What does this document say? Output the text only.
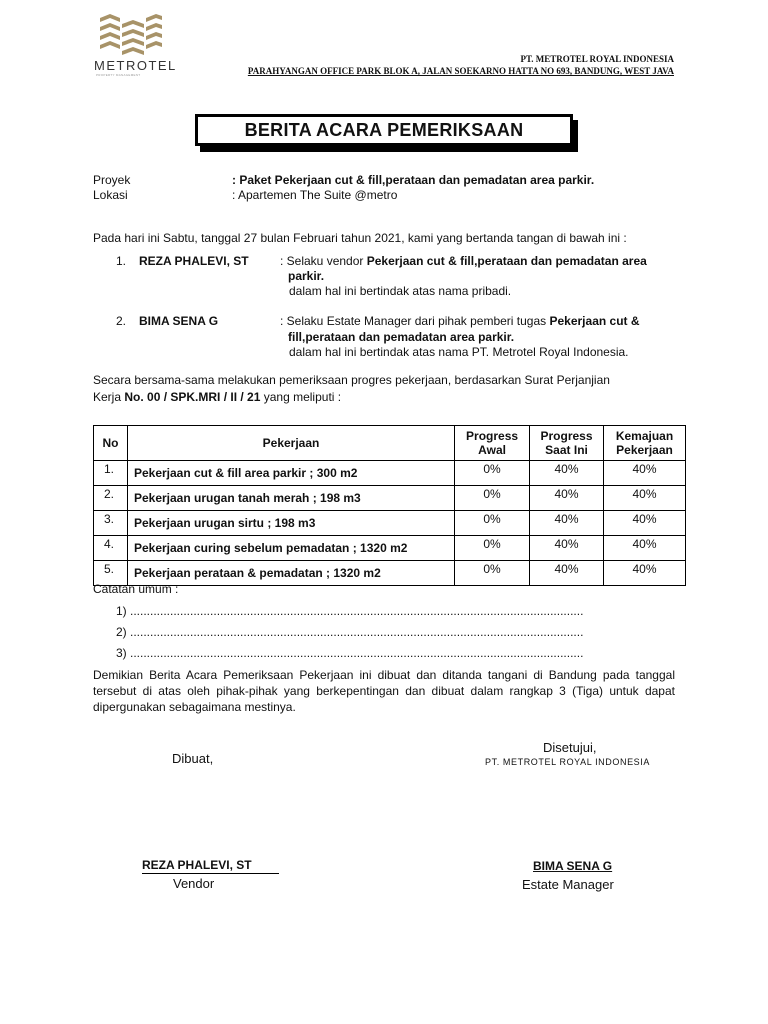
METROTEL
PROPERTY MANAGEMENT
PT. METROTEL ROYAL INDONESIA
PARAHYANGAN OFFICE PARK BLOK A, JALAN SOEKARNO HATTA NO 693, BANDUNG, WEST JAVA
BERITA ACARA PEMERIKSAAN
Proyek	: Paket Pekerjaan cut & fill,perataan dan pemadatan area parkir.
Lokasi	: Apartemen The Suite @metro
Pada hari ini Sabtu, tanggal 27 bulan Februari tahun 2021, kami yang bertanda tangan di bawah ini :
1. REZA PHALEVI, ST	: Selaku vendor Pekerjaan cut & fill,perataan dan pemadatan area
parkir.
dalam hal ini bertindak atas nama pribadi.
2. BIMA SENA G	: Selaku Estate Manager dari pihak pemberi tugas Pekerjaan cut &
fill,perataan dan pemadatan area parkir.
dalam hal ini bertindak atas nama PT. Metrotel Royal Indonesia.
Secara bersama-sama melakukan pemeriksaan progres pekerjaan, berdasarkan Surat Perjanjian
Kerja No. 00 / SPK.MRI / II / 21 yang meliputi :
No	Pekerjaan	Progress Awal	Progress Saat Ini	Kemajuan Pekerjaan
1.	Pekerjaan cut & fill area parkir ; 300 m2	0%	40%	40%
2.	Pekerjaan urugan tanah merah ; 198 m3	0%	40%	40%
3.	Pekerjaan urugan sirtu ; 198 m3	0%	40%	40%
4.	Pekerjaan curing sebelum pemadatan ; 1320 m2	0%	40%	40%
5.	Pekerjaan perataan & pemadatan ; 1320 m2	0%	40%	40%
Catatan umum :
1) ........................................................................................................................................
2) ........................................................................................................................................
3) ........................................................................................................................................
Demikian Berita Acara Pemeriksaan Pekerjaan ini dibuat dan ditanda tangani di Bandung pada tanggal tersebut di atas oleh pihak-pihak yang berkepentingan dan dibuat dalam rangkap 3 (Tiga) untuk dapat dipergunakan sebagaimana mestinya.
Dibuat,
Disetujui,
PT. METROTEL ROYAL INDONESIA
REZA PHALEVI, ST
Vendor
BIMA SENA G
Estate Manager
